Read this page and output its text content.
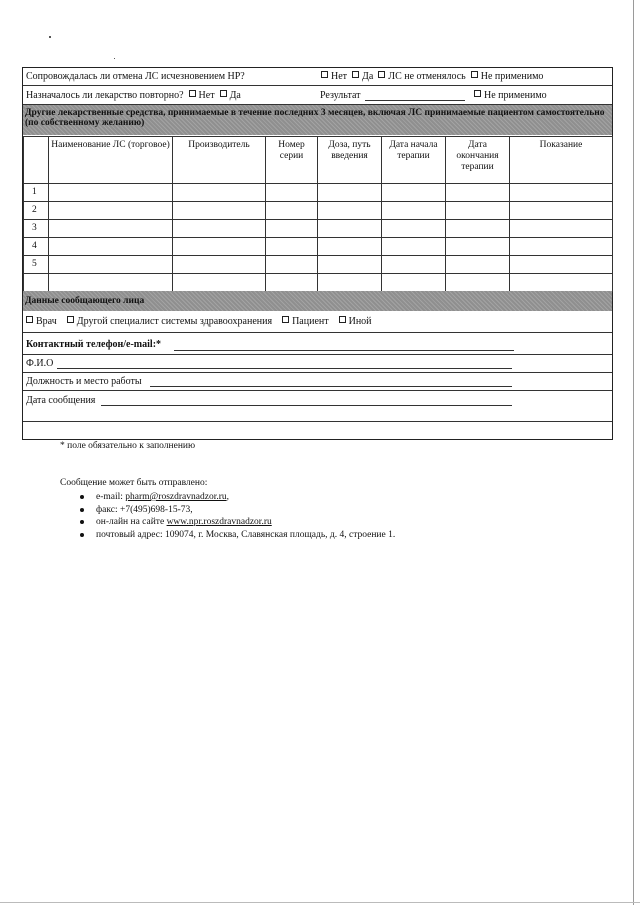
Сопровождалась ли отмена ЛС исчезновением НР?	Нет Да ЛС не отменялось Не применимо
Назначалось ли лекарство повторно? Нет Да	Результат	Не применимо
Другие лекарственные средства, принимаемые в течение последних 3 месяцев, включая ЛС принимаемые пациентом самостоятельно (по собственному желанию)
	Наименование ЛС (торговое)	Производитель	Номер серии	Доза, путь введения	Дата начала терапии	Дата окончания терапии	Показание
1							
2							
3							
4							
5							

Данные сообщающего лица
Врач Другой специалист системы здравоохранения Пациент Иной
Контактный телефон/e-mail:*
Ф.И.О
Должность и место работы
Дата сообщения
* поле обязательно к заполнению
Сообщение может быть отправлено:
e-mail: pharm@roszdravnadzor.ru,
факс: +7(495)698-15-73,
он-лайн на сайте www.npr.roszdravnadzor.ru
почтовый адрес: 109074, г. Москва, Славянская площадь, д. 4, строение 1.
